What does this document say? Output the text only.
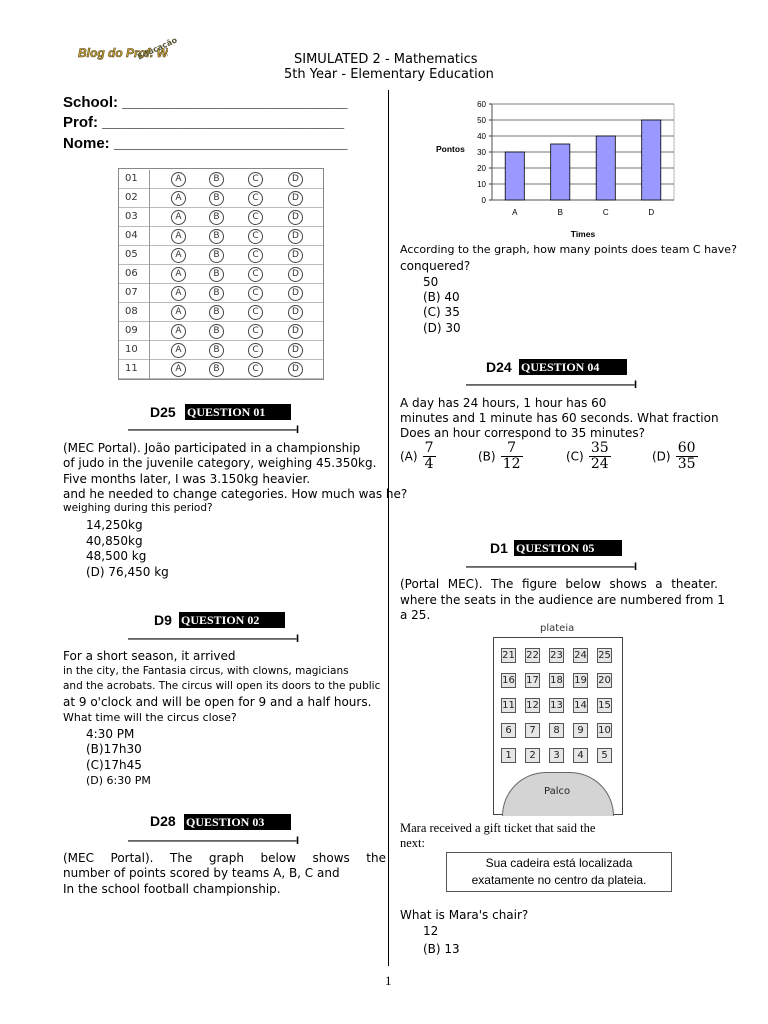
Blog do Prof. W
Educação	SIMULATED 2 - Mathematics
5th Year - Elementary Education
School: ___________________________
Prof: _____________________________
Nome: ____________________________
01	A	B	C	D
02	A	B	C	D
03	A	B	C	D
04	A	B	C	D
05	A	B	C	D
06	A	B	C	D
07	A	B	C	D
08	A	B	C	D
09	A	B	C	D
10	A	B	C	D
11	A	B	C	D
D25 QUESTION 01
————————————————I
(MEC Portal). João participated in a championship
of judo in the juvenile category, weighing 45.350kg.
Five months later, I was 3.150kg heavier.
and he needed to change categories. How much was he?
weighing during this period?
14,250kg
40,850kg
48,500 kg
(D) 76,450 kg
D9 QUESTION 02
————————————————I
For a short season, it arrived
in the city, the Fantasia circus, with clowns, magicians
and the acrobats. The circus will open its doors to the public
at 9 o'clock and will be open for 9 and a half hours.
What time will the circus close?
4:30 PM
(B)17h30
(C)17h45
(D) 6:30 PM
D28 QUESTION 03
————————————————I
(MEC Portal). The graph below shows the
number of points scored by teams A, B, C and
In the school football championship.
0
10
20
30
40
50
60
A	B	C	D
Pontos
Times
According to the graph, how many points does team C have?
conquered?
50
(B) 40
(C) 35
(D) 30
D24 QUESTION 04
————————————————I
A day has 24 hours, 1 hour has 60
minutes and 1 minute has 60 seconds. What fraction
Does an hour correspond to 35 minutes?
$(A) \frac{7}{4}$	$(B) \frac{7}{12}$	$(C) \frac{35}{24}$	$(D) \frac{60}{35}$
D1 QUESTION 05
————————————————I
(Portal MEC). The figure below shows a theater.
where the seats in the audience are numbered from 1
a 25.
plateia
Palco
21 22 23 24 25
16 17 18 19 20
11 12 13 14 15
6	7	8	9	10
1	2	3	4	5
Mara received a gift ticket that said the
next:
Sua cadeira está localizada
exatamente no centro da plateia.
What is Mara's chair?
12
(B) 13
1
